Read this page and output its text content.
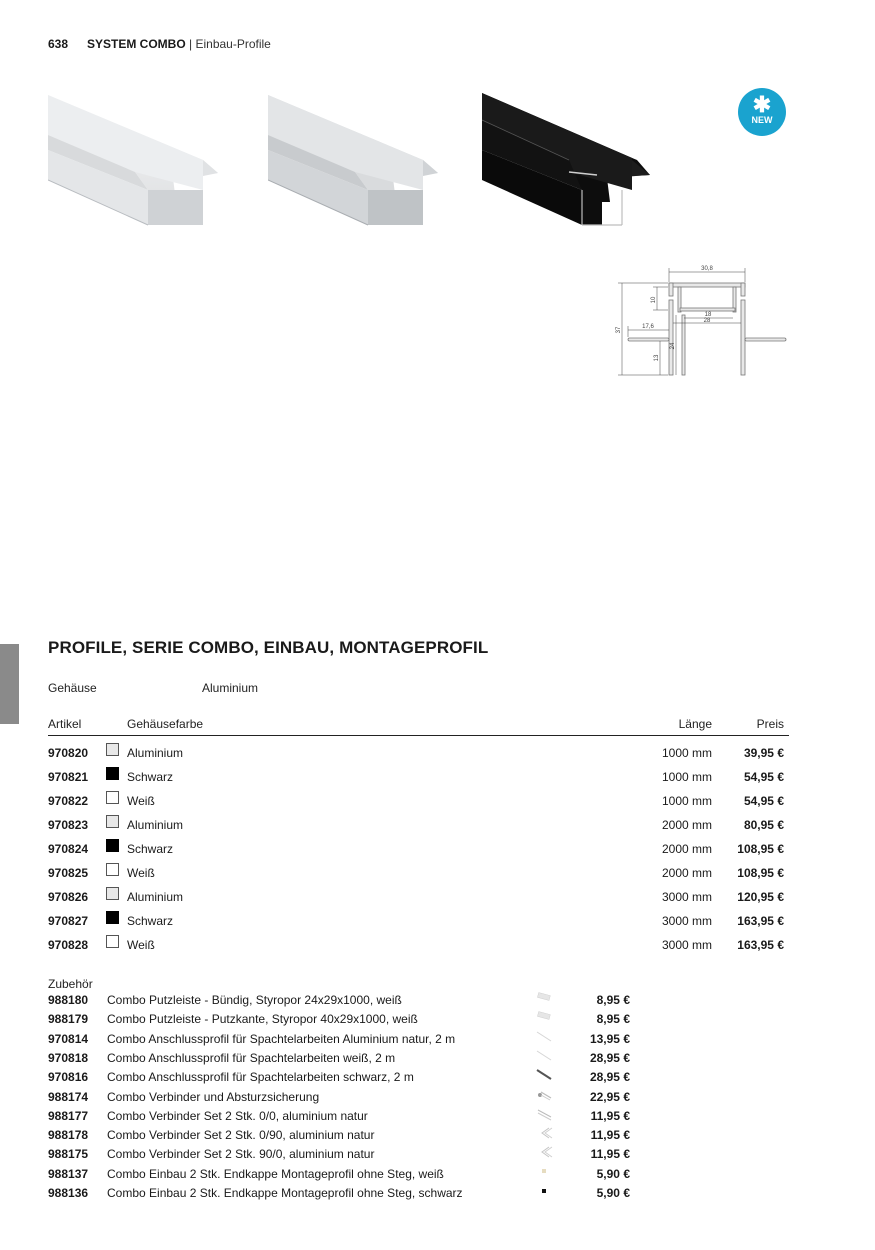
638 SYSTEM COMBO | Einbau-Profile
✱
NEW
30,8
10
18
28
17,6
37
24
13
PROFILE, SERIE COMBO, EINBAU, MONTAGEPROFIL
Gehäuse	Aluminium
Artikel	Gehäusefarbe	Länge	Preis
970820	Aluminium	1000 mm	39,95 €
970821	Schwarz	1000 mm	54,95 €
970822	Weiß	1000 mm	54,95 €
970823	Aluminium	2000 mm	80,95 €
970824	Schwarz	2000 mm 108,95 €
970825	Weiß	2000 mm 108,95 €
970826	Aluminium	3000 mm 120,95 €
970827	Schwarz	3000 mm 163,95 €
970828	Weiß	3000 mm 163,95 €
Zubehör
988180 Combo Putzleiste - Bündig, Styropor 24x29x1000, weiß	8,95 €
988179 Combo Putzleiste - Putzkante, Styropor 40x29x1000, weiß	8,95 €
970814 Combo Anschlussprofil für Spachtelarbeiten Aluminium natur, 2 m	13,95 €
970818 Combo Anschlussprofil für Spachtelarbeiten weiß, 2 m	28,95 €
970816 Combo Anschlussprofil für Spachtelarbeiten schwarz, 2 m	28,95 €
988174 Combo Verbinder und Absturzsicherung	22,95 €
988177 Combo Verbinder Set 2 Stk. 0/0, aluminium natur	11,95 €
988178 Combo Verbinder Set 2 Stk. 0/90, aluminium natur	11,95 €
988175 Combo Verbinder Set 2 Stk. 90/0, aluminium natur	11,95 €
988137 Combo Einbau 2 Stk. Endkappe Montageprofil ohne Steg, weiß	5,90 €
988136 Combo Einbau 2 Stk. Endkappe Montageprofil ohne Steg, schwarz	5,90 €
